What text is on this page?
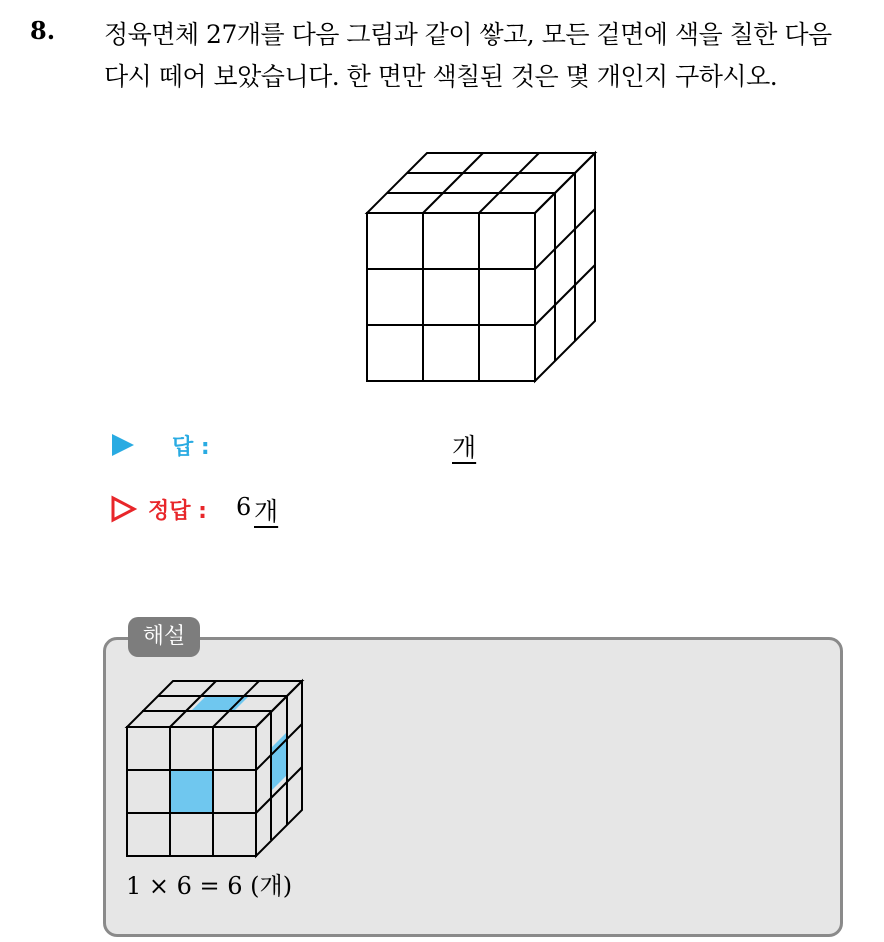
8. 정육면체 27개를 다음 그림과 같이 쌓고, 모든 겉면에 색을 칠한 다음
다시 떼어 보았습니다. 한 면만 색칠된 것은 몇 개인지 구하시오.
답 :	개
정답 : 6 개
해설
1 × 6 = 6 (개)
